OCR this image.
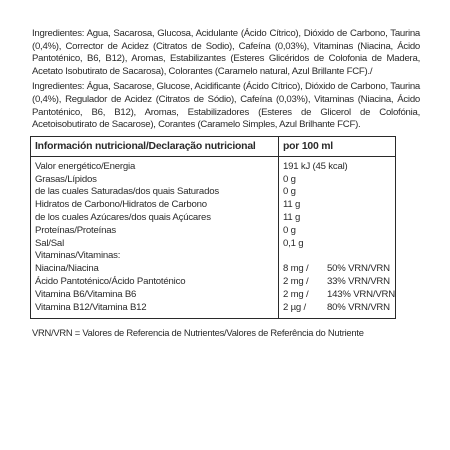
Ingredientes: Agua, Sacarosa, Glucosa, Acidulante (Ácido Cítrico), Dióxido de Carbono, Taurina (0,4%), Corrector de Acidez (Citratos de Sodio), Cafeína (0,03%), Vitaminas (Niacina, Ácido Pantoténico, B6, B12), Aromas, Estabilizantes (Esteres Glicéridos de Colofonia de Madera, Acetato Isobutirato de Sacarosa), Colorantes (Caramelo natural, Azul Brillante FCF)./

Ingredientes: Água, Sacarose, Glucose, Acidificante (Ácido Cítrico), Dióxido de Carbono, Taurina (0,4%), Regulador de Acidez (Citratos de Sódio), Cafeína (0,03%), Vitaminas (Niacina, Ácido Pantoténico, B6, B12), Aromas, Estabilizadores (Esteres de Glicerol de Colofónia, Acetoisobutirato de Sacarose), Corantes (Caramelo Simples, Azul Brilhante FCF).

Información nutricional/Declaração nutricional	por 100 ml
Valor energético/Energia
Grasas/Lípidos
de las cuales Saturadas/dos quais Saturados
Hidratos de Carbono/Hidratos de Carbono
de los cuales Azúcares/dos quais Açúcares
Proteínas/Proteínas
Sal/Sal
Vitaminas/Vitaminas:
Niacina/Niacina
Ácido Pantoténico/Ácido Pantoténico
Vitamina B6/Vitamina B6
Vitamina B12/Vitamina B12
191 kJ (45 kcal)
0 g
0 g
11 g
11 g
0 g
0,1 g
8 mg / 50% VRN/VRN
2 mg / 33% VRN/VRN
2 mg / 143% VRN/VRN
2 µg / 80% VRN/VRN
VRN/VRN = Valores de Referencia de Nutrientes/Valores de Referência do Nutriente
